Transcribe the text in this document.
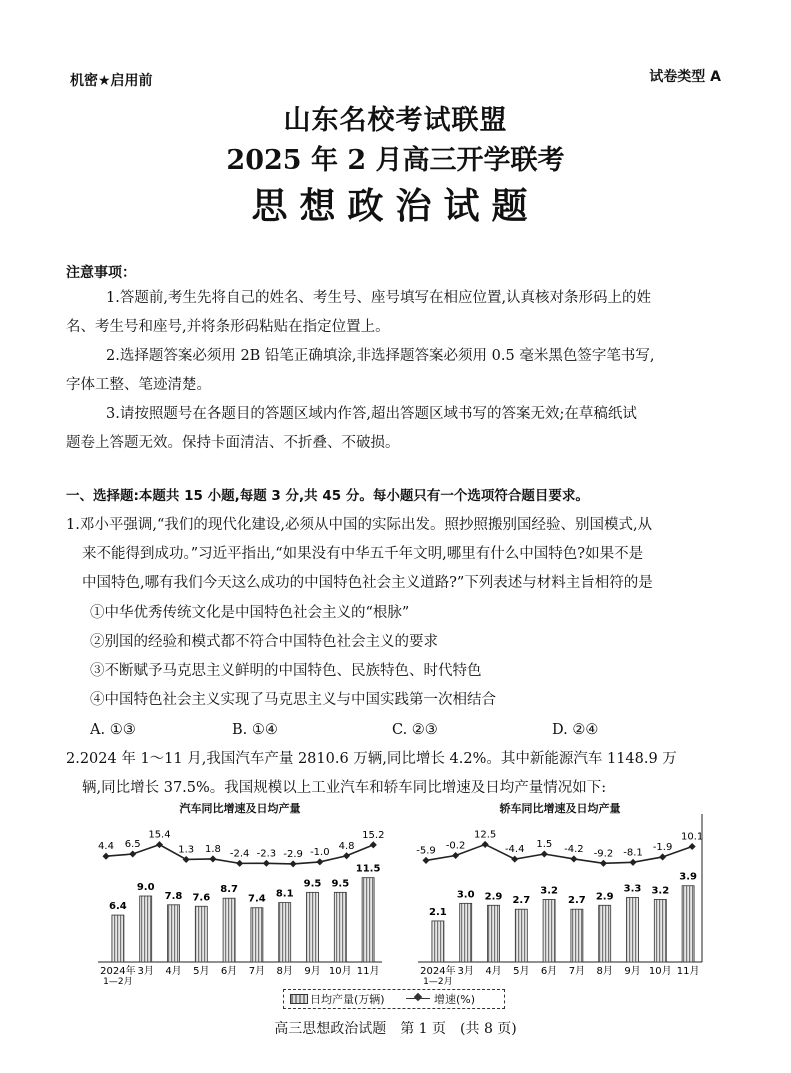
机密★启用前	试卷类型 A
山东名校考试联盟
2025 年 2 月高三开学联考
思想政治试题
注意事项：
1.答题前,考生先将自己的姓名、考生号、座号填写在相应位置,认真核对条形码上的姓
名、考生号和座号,并将条形码粘贴在指定位置上。
2.选择题答案必须用 2B 铅笔正确填涂,非选择题答案必须用 0.5 毫米黑色签字笔书写,
字体工整、笔迹清楚。
3.请按照题号在各题目的答题区域内作答,超出答题区域书写的答案无效;在草稿纸试
题卷上答题无效。保持卡面清洁、不折叠、不破损。
一、选择题:本题共 15 小题,每题 3 分,共 45 分。每小题只有一个选项符合题目要求。
1.邓小平强调,“我们的现代化建设,必须从中国的实际出发。照抄照搬别国经验、别国模式,从
来不能得到成功。”习近平指出,“如果没有中华五千年文明,哪里有什么中国特色?如果不是
中国特色,哪有我们今天这么成功的中国特色社会主义道路?”下列表述与材料主旨相符的是
①中华优秀传统文化是中国特色社会主义的“根脉”
②别国的经验和模式都不符合中国特色社会主义的要求
③不断赋予马克思主义鲜明的中国特色、民族特色、时代特色
④中国特色社会主义实现了马克思主义与中国实践第一次相结合
A. ①③	B. ①④	C. ②③	D. ②④
2.2024 年 1～11 月,我国汽车产量 2810.6 万辆,同比增长 4.2%。其中新能源汽车 1148.9 万
辆,同比增长 37.5%。我国规模以上工业汽车和轿车同比增速及日均产量情况如下:
汽车同比增速及日均产量
6.4
2024年
1—2月
9.0
3月
7.8
4月
7.6
5月
8.7
6月
7.4
7月
8.1
8月
9.5
9月
9.5
10月
11.5
11月
4.4 6.5
15.4
1.3 1.8 -2.4 -2.3 -2.9 -1.0
4.8
15.2
轿车同比增速及日均产量
2.1
2024年
1—2月
3.0
3月
2.9
4月
2.7
5月
3.2
6月
2.7
7月
2.9
8月
3.3
9月
3.2
10月
3.9
11月
-5.9 -0.2
12.5
-4.4 1.5 -4.2 -9.2 -8.1 -1.9
10.1
日均产量(万辆)	增速(%)
高三思想政治试题　第 1 页　(共 8 页)
